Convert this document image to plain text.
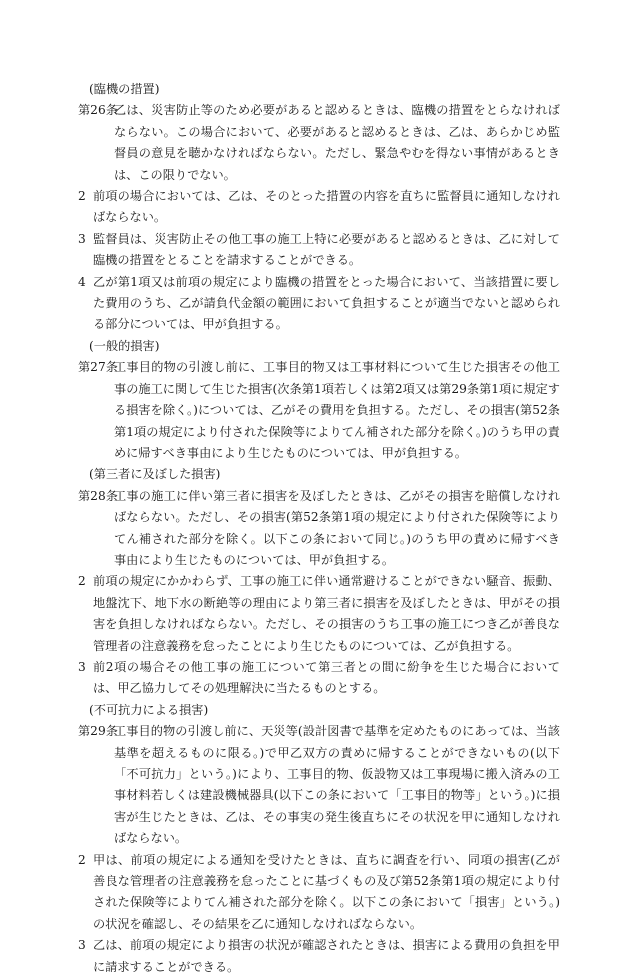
(臨機の措置)
第26条
乙は、災害防止等のため必要があると認めるときは、臨機の措置をとらなければならない。この場合において、必要があると認めるときは、乙は、あらかじめ監督員の意見を聴かなければならない。ただし、緊急やむを得ない事情があるときは、この限りでない。
2 前項の場合においては、乙は、そのとった措置の内容を直ちに監督員に通知しなければならない。
3 監督員は、災害防止その他工事の施工上特に必要があると認めるときは、乙に対して臨機の措置をとることを請求することができる。
4 乙が第1項又は前項の規定により臨機の措置をとった場合において、当該措置に要した費用のうち、乙が請負代金額の範囲において負担することが適当でないと認められる部分については、甲が負担する。
(一般的損害)
第27条
工事目的物の引渡し前に、工事目的物又は工事材料について生じた損害その他工事の施工に関して生じた損害(次条第1項若しくは第2項又は第29条第1項に規定する損害を除く。)については、乙がその費用を負担する。ただし、その損害(第52条第1項の規定により付された保険等によりてん補された部分を除く。)のうち甲の責めに帰すべき事由により生じたものについては、甲が負担する。
(第三者に及ぼした損害)
第28条
工事の施工に伴い第三者に損害を及ぼしたときは、乙がその損害を賠償しなければならない。ただし、その損害(第52条第1項の規定により付された保険等によりてん補された部分を除く。以下この条において同じ。)のうち甲の責めに帰すべき事由により生じたものについては、甲が負担する。
2 前項の規定にかかわらず、工事の施工に伴い通常避けることができない騒音、振動、地盤沈下、地下水の断絶等の理由により第三者に損害を及ぼしたときは、甲がその損害を負担しなければならない。ただし、その損害のうち工事の施工につき乙が善良な管理者の注意義務を怠ったことにより生じたものについては、乙が負担する。
3 前2項の場合その他工事の施工について第三者との間に紛争を生じた場合においては、甲乙協力してその処理解決に当たるものとする。
(不可抗力による損害)
第29条
工事目的物の引渡し前に、天災等(設計図書で基準を定めたものにあっては、当該基準を超えるものに限る。)で甲乙双方の責めに帰することができないもの(以下「不可抗力」という。)により、工事目的物、仮設物又は工事現場に搬入済みの工事材料若しくは建設機械器具(以下この条において「工事目的物等」という。)に損害が生じたときは、乙は、その事実の発生後直ちにその状況を甲に通知しなければならない。
2 甲は、前項の規定による通知を受けたときは、直ちに調査を行い、同項の損害(乙が善良な管理者の注意義務を怠ったことに基づくもの及び第52条第1項の規定により付された保険等によりてん補された部分を除く。以下この条において「損害」という。)の状況を確認し、その結果を乙に通知しなければならない。
3 乙は、前項の規定により損害の状況が確認されたときは、損害による費用の負担を甲に請求することができる。
